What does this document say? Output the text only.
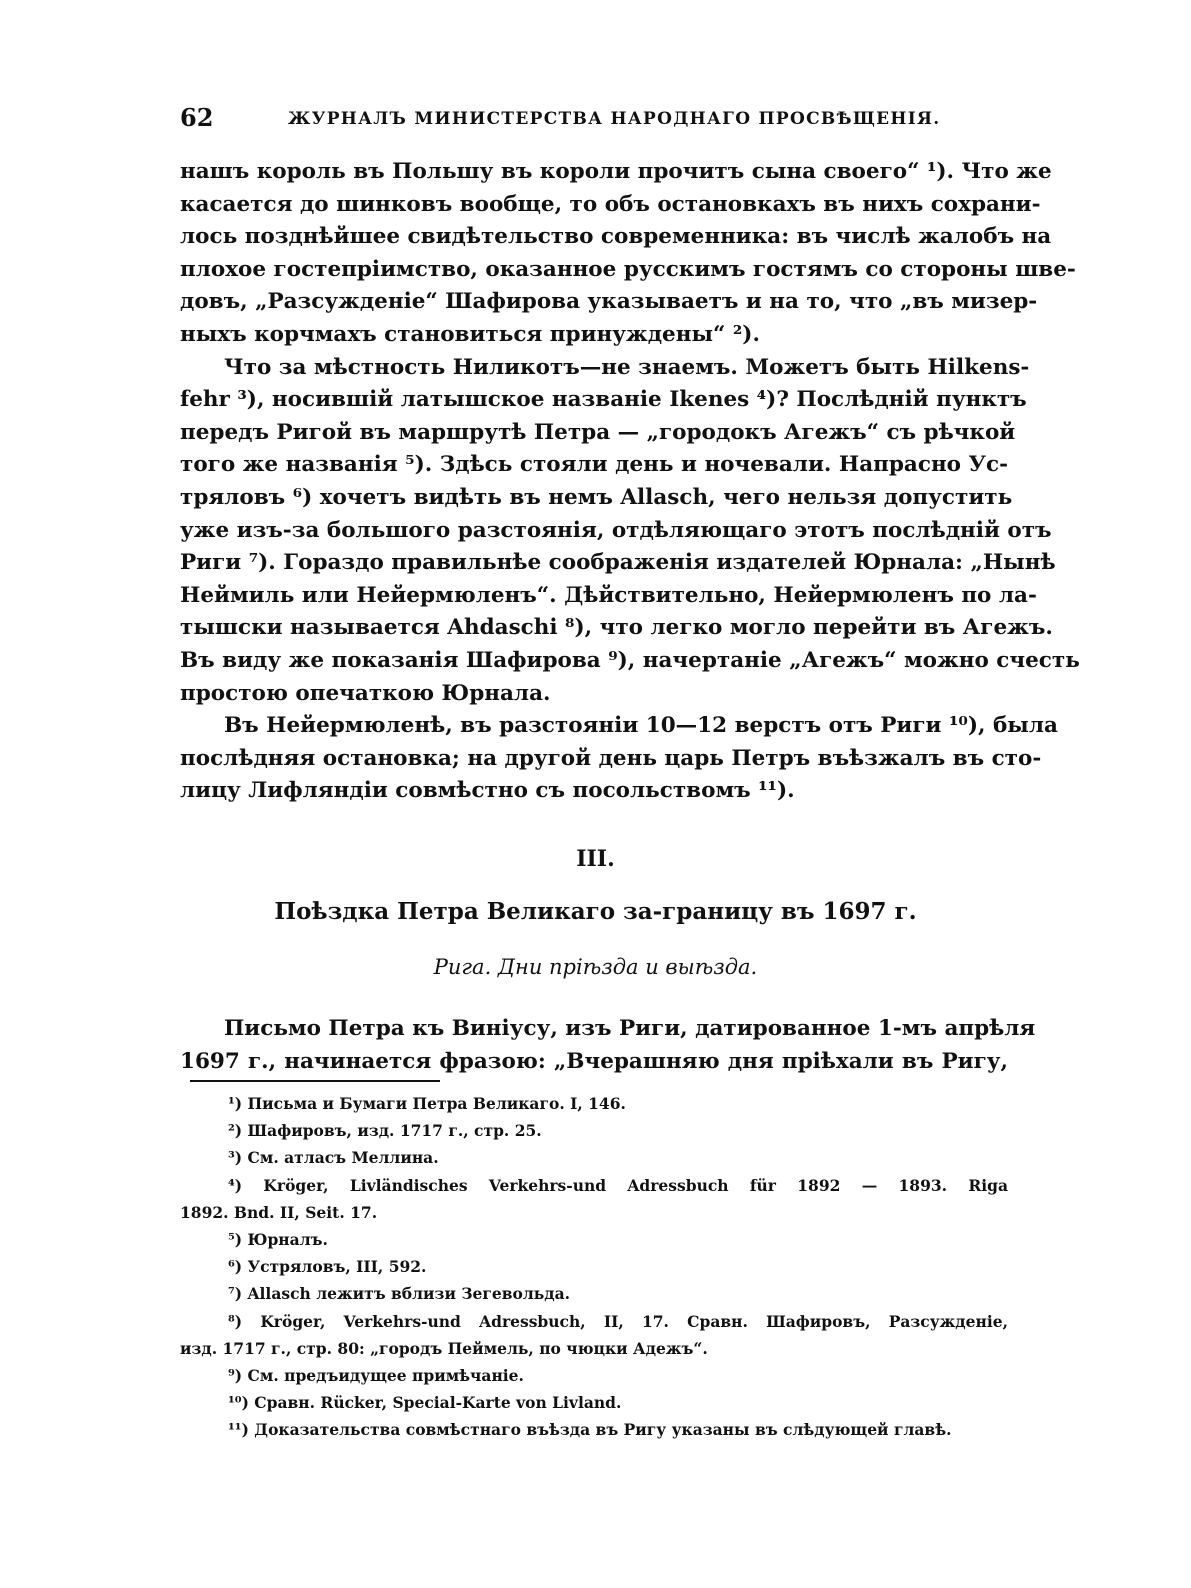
62	ЖУРНАЛЪ МИНИСТЕРСТВА НАРОДНАГО ПРОСВѢЩЕНІЯ.
нашъ король въ Польшу въ короли прочитъ сына своего“ ¹). Что же
касается до шинковъ вообще, то объ остановкахъ въ нихъ сохрани-
лось позднѣйшее свидѣтельство современника: въ числѣ жалобъ на
плохое гостепріимство, оказанное русскимъ гостямъ со стороны шве-
довъ, „Разсужденіе“ Шафирова указываетъ и на то, что „въ мизер-
ныхъ корчмахъ становиться принуждены“ ²).
Что за мѣстность Ниликотъ—не знаемъ. Можетъ быть Hilkens-
fehr ³), носившій латышское названіе Ikenes ⁴)? Послѣдній пунктъ
передъ Ригой въ маршрутѣ Петра — „городокъ Агежъ“ съ рѣчкой
того же названія ⁵). Здѣсь стояли день и ночевали. Напрасно Ус-
тряловъ ⁶) хочетъ видѣть въ немъ Allasch, чего нельзя допустить
уже изъ-за большого разстоянія, отдѣляющаго этотъ послѣдній отъ
Риги ⁷). Гораздо правильнѣе соображенія издателей Юрнала: „Нынѣ
Неймиль или Нейермюленъ“. Дѣйствительно, Нейермюленъ по ла-
тышски называется Ahdaschi ⁸), что легко могло перейти въ Агежъ.
Въ виду же показанія Шафирова ⁹), начертаніе „Агежъ“ можно счесть
простою опечаткою Юрнала.
Въ Нейермюленѣ, въ разстояніи 10—12 верстъ отъ Риги ¹⁰), была
послѣдняя остановка; на другой день царь Петръ въѣзжалъ въ сто-
лицу Лифляндіи совмѣстно съ посольствомъ ¹¹).
III.
Поѣздка Петра Великаго за-границу въ 1697 г.
Рига. Дни пріѣзда и выѣзда.
Письмо Петра къ Виніусу, изъ Риги, датированное 1-мъ апрѣля
1697 г., начинается фразою: „Вчерашняю дня пріѣхали въ Ригу,
¹) Письма и Бумаги Петра Великаго. I, 146.
²) Шафировъ, изд. 1717 г., стр. 25.
³) См. атласъ Меллина.
⁴) Kröger, Livländisches Verkehrs-und Adressbuch für 1892 — 1893. Riga
1892. Bnd. II, Seit. 17.
⁵) Юрналъ.
⁶) Устряловъ, III, 592.
⁷) Allasch лежитъ вблизи Зегевольда.
⁸) Kröger, Verkehrs-und Adressbuch, II, 17. Сравн. Шафировъ, Разсужденіе,
изд. 1717 г., стр. 80: „городъ Пеймель, по чюцки Адежъ“.
⁹) См. предъидущее примѣчаніе.
¹⁰) Сравн. Rücker, Special-Karte von Livland.
¹¹) Доказательства совмѣстнаго въѣзда въ Ригу указаны въ слѣдующей главѣ.
